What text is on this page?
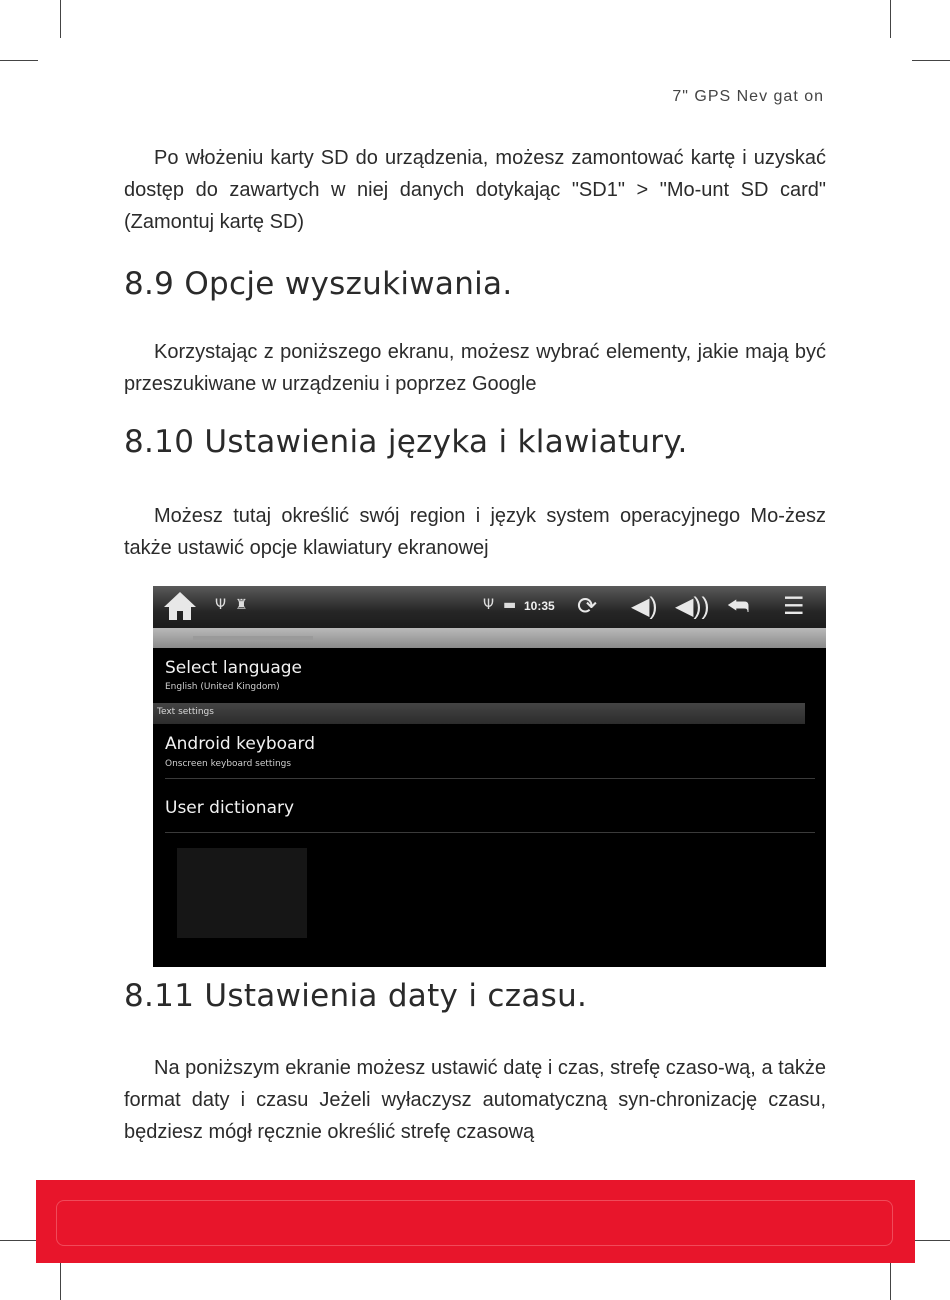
7" GPS Nev gat on

Po włożeniu karty SD do urządzenia, możesz zamontować kartę i uzyskać dostęp do zawartych w niej danych dotykając "SD1" > "Mo-unt SD card" (Zamontuj kartę SD)

8.9 Opcje wyszukiwania.

Korzystając z poniższego ekranu, możesz wybrać elementy, jakie mają być przeszukiwane w urządzeniu i poprzez Google

8.10 Ustawienia języka i klawiatury.

Możesz tutaj określić swój region i język system operacyjnego Mo-żesz także ustawić opcje klawiatury ekranowej

Ψ ♜	Ψ ▬ 10:35 ⟳ ◀) ◀)) ⮪ ☰
Select language
English (United Kingdom)
Text settings
Android keyboard
Onscreen keyboard settings
User dictionary
8.11 Ustawienia daty i czasu.

Na poniższym ekranie możesz ustawić datę i czas, strefę czaso-wą, a także format daty i czasu Jeżeli wyłaczysz automatyczną syn-chronizację czasu, będziesz mógł ręcznie określić strefę czasową
